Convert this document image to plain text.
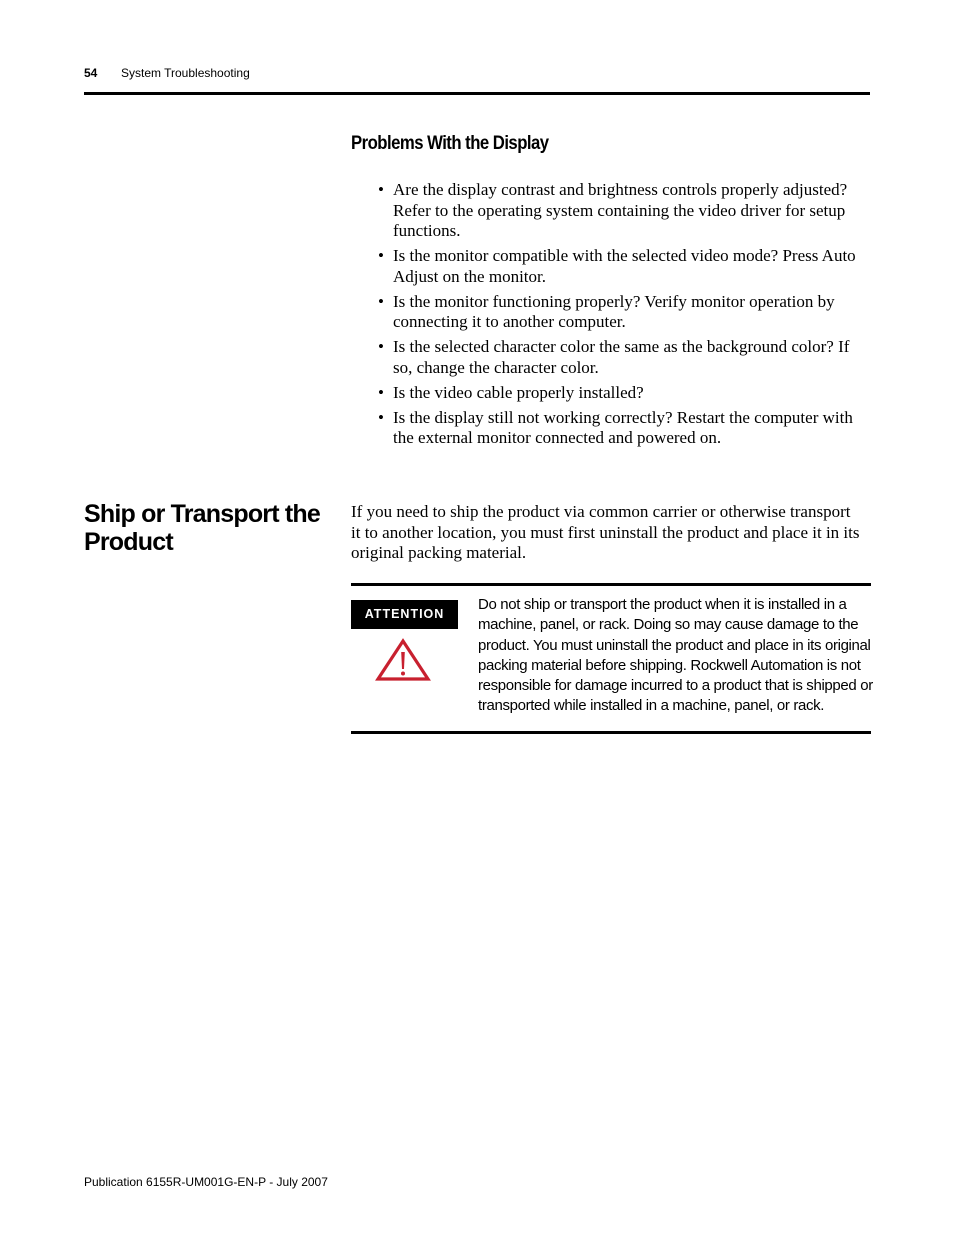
54 System Troubleshooting
Problems With the Display
• Are the display contrast and brightness controls properly adjusted? Refer to the operating system containing the video driver for setup functions.
• Is the monitor compatible with the selected video mode? Press Auto Adjust on the monitor.
• Is the monitor functioning properly? Verify monitor operation by connecting it to another computer.
• Is the selected character color the same as the background color? If so, change the character color.
• Is the video cable properly installed?
• Is the display still not working correctly? Restart the computer with the external monitor connected and powered on.
Ship or Transport the Product

If you need to ship the product via common carrier or otherwise transport it to another location, you must first uninstall the product and place it in its original packing material.

ATTENTION

Do not ship or transport the product when it is installed in a machine, panel, or rack. Doing so may cause damage to the product. You must uninstall the product and place in its original packing material before shipping. Rockwell Automation is not responsible for damage incurred to a product that is shipped or transported while installed in a machine, panel, or rack.

Publication 6155R-UM001G-EN-P - July 2007
